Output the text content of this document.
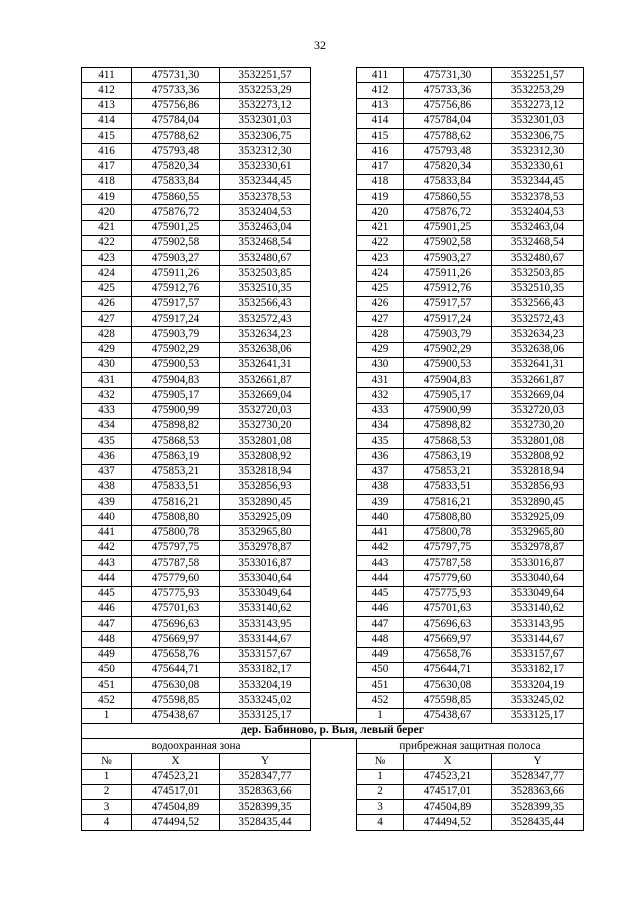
32
411	475731,30	3532251,57		411	475731,30	3532251,57
412	475733,36	3532253,29		412	475733,36	3532253,29
413	475756,86	3532273,12		413	475756,86	3532273,12
414	475784,04	3532301,03		414	475784,04	3532301,03
415	475788,62	3532306,75		415	475788,62	3532306,75
416	475793,48	3532312,30		416	475793,48	3532312,30
417	475820,34	3532330,61		417	475820,34	3532330,61
418	475833,84	3532344,45		418	475833,84	3532344,45
419	475860,55	3532378,53		419	475860,55	3532378,53
420	475876,72	3532404,53		420	475876,72	3532404,53
421	475901,25	3532463,04		421	475901,25	3532463,04
422	475902,58	3532468,54		422	475902,58	3532468,54
423	475903,27	3532480,67		423	475903,27	3532480,67
424	475911,26	3532503,85		424	475911,26	3532503,85
425	475912,76	3532510,35		425	475912,76	3532510,35
426	475917,57	3532566,43		426	475917,57	3532566,43
427	475917,24	3532572,43		427	475917,24	3532572,43
428	475903,79	3532634,23		428	475903,79	3532634,23
429	475902,29	3532638,06		429	475902,29	3532638,06
430	475900,53	3532641,31		430	475900,53	3532641,31
431	475904,83	3532661,87		431	475904,83	3532661,87
432	475905,17	3532669,04		432	475905,17	3532669,04
433	475900,99	3532720,03		433	475900,99	3532720,03
434	475898,82	3532730,20		434	475898,82	3532730,20
435	475868,53	3532801,08		435	475868,53	3532801,08
436	475863,19	3532808,92		436	475863,19	3532808,92
437	475853,21	3532818,94		437	475853,21	3532818,94
438	475833,51	3532856,93		438	475833,51	3532856,93
439	475816,21	3532890,45		439	475816,21	3532890,45
440	475808,80	3532925,09		440	475808,80	3532925,09
441	475800,78	3532965,80		441	475800,78	3532965,80
442	475797,75	3532978,87		442	475797,75	3532978,87
443	475787,58	3533016,87		443	475787,58	3533016,87
444	475779,60	3533040,64		444	475779,60	3533040,64
445	475775,93	3533049,64		445	475775,93	3533049,64
446	475701,63	3533140,62		446	475701,63	3533140,62
447	475696,63	3533143,95		447	475696,63	3533143,95
448	475669,97	3533144,67		448	475669,97	3533144,67
449	475658,76	3533157,67		449	475658,76	3533157,67
450	475644,71	3533182,17		450	475644,71	3533182,17
451	475630,08	3533204,19		451	475630,08	3533204,19
452	475598,85	3533245,02		452	475598,85	3533245,02
1	475438,67	3533125,17		1	475438,67	3533125,17
дер. Бабиново, р. Выя, левый берег						
водоохранная зона				прибрежная защитная полоса		
№	X	Y		№	X	Y
1	474523,21	3528347,77		1	474523,21	3528347,77
2	474517,01	3528363,66		2	474517,01	3528363,66
3	474504,89	3528399,35		3	474504,89	3528399,35
4	474494,52	3528435,44		4	474494,52	3528435,44
